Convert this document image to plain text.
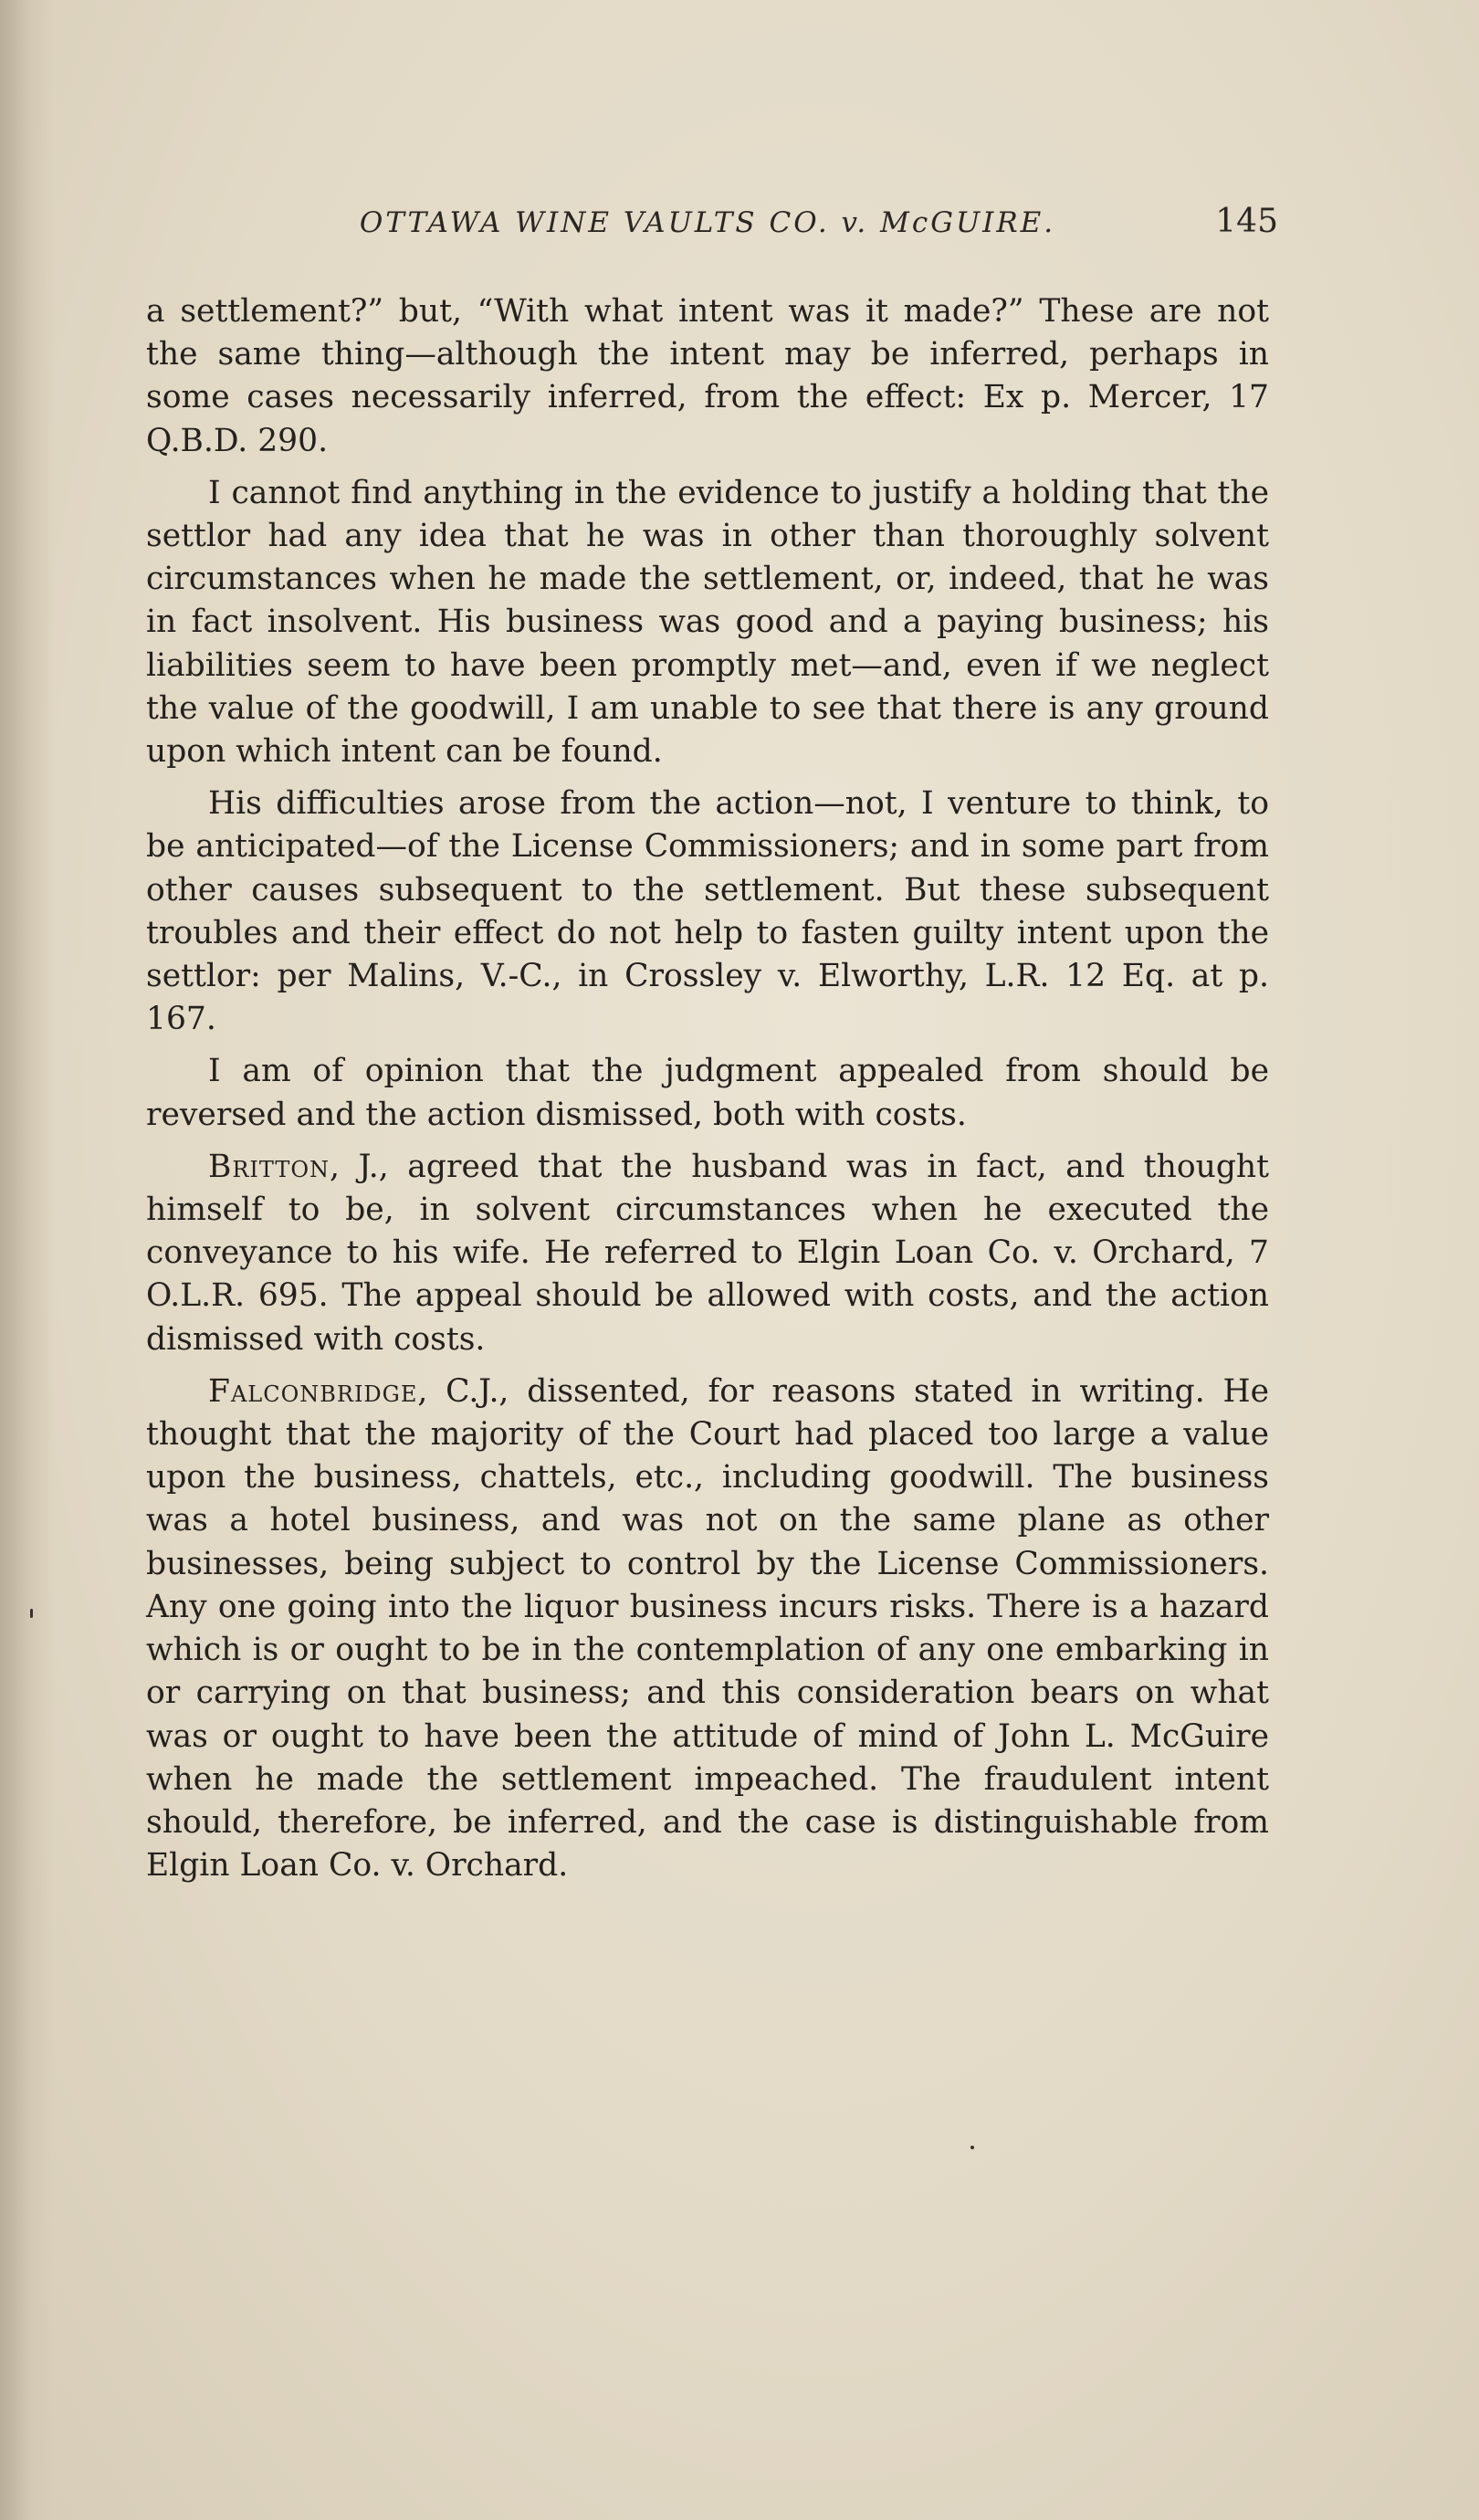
OTTAWA WINE VAULTS CO. v. McGUIRE.	145

a settlement?” but, “With what intent was it made?” These are not the same thing—although the intent may be inferred, perhaps in some cases necessarily inferred, from the effect: Ex p. Mercer, 17 Q.B.D. 290.

I cannot find anything in the evidence to justify a holding that the settlor had any idea that he was in other than thoroughly solvent circumstances when he made the settlement, or, indeed, that he was in fact insolvent. His business was good and a paying business; his liabilities seem to have been promptly met—and, even if we neglect the value of the goodwill, I am unable to see that there is any ground upon which intent can be found.

His difficulties arose from the action—not, I venture to think, to be anticipated—of the License Commissioners; and in some part from other causes subsequent to the settlement. But these subsequent troubles and their effect do not help to fasten guilty intent upon the settlor: per Malins, V.-C., in Crossley v. Elworthy, L.R. 12 Eq. at p. 167.

I am of opinion that the judgment appealed from should be reversed and the action dismissed, both with costs.

Britton, J., agreed that the husband was in fact, and thought himself to be, in solvent circumstances when he executed the conveyance to his wife. He referred to Elgin Loan Co. v. Orchard, 7 O.L.R. 695. The appeal should be allowed with costs, and the action dismissed with costs.

Falconbridge, C.J., dissented, for reasons stated in writing. He thought that the majority of the Court had placed too large a value upon the business, chattels, etc., including goodwill. The business was a hotel business, and was not on the same plane as other businesses, being subject to control by the License Commissioners. Any one going into the liquor business incurs risks. There is a hazard which is or ought to be in the contemplation of any one embarking in or carrying on that business; and this consideration bears on what was or ought to have been the attitude of mind of John L. McGuire when he made the settlement impeached. The fraudulent intent should, therefore, be inferred, and the case is distinguishable from Elgin Loan Co. v. Orchard.
